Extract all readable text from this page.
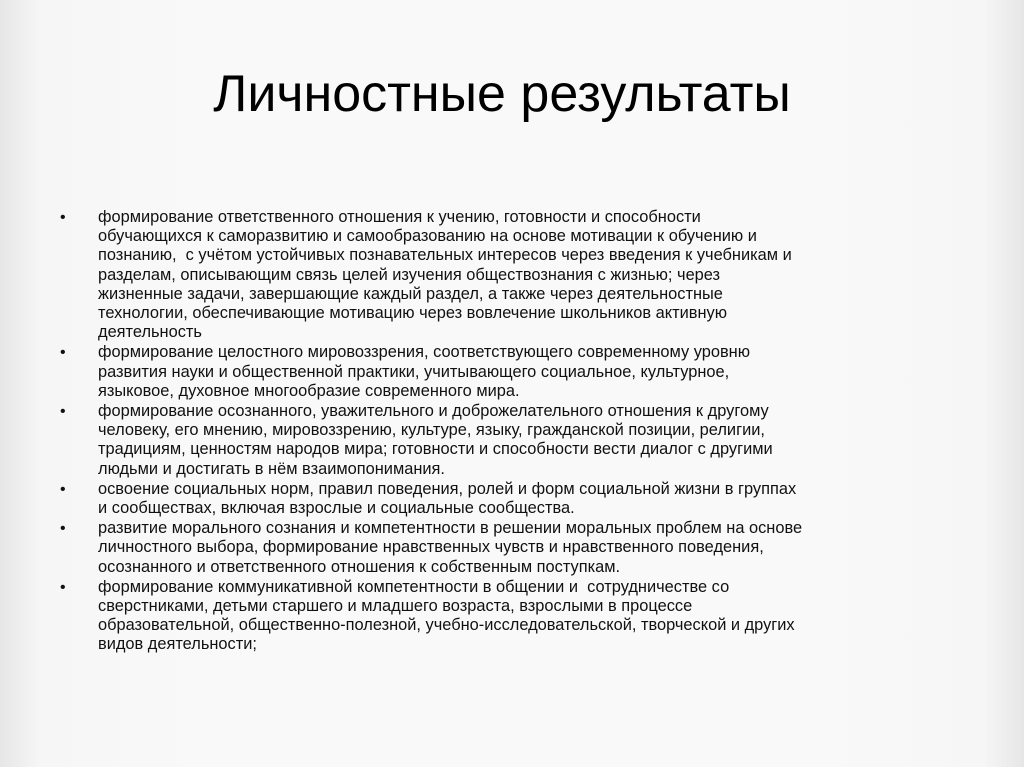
Личностные результаты
•	формирование ответственного отношения к учению, готовности и способности
обучающихся к саморазвитию и самообразованию на основе мотивации к обучению и
познанию,  с учётом устойчивых познавательных интересов через введения к учебникам и
разделам, описывающим связь целей изучения обществознания с жизнью; через
жизненные задачи, завершающие каждый раздел, а также через деятельностные
технологии, обеспечивающие мотивацию через вовлечение школьников активную
деятельность
•	формирование целостного мировоззрения, соответствующего современному уровню
развития науки и общественной практики, учитывающего социальное, культурное,
языковое, духовное многообразие современного мира.
•	формирование осознанного, уважительного и доброжелательного отношения к другому
человеку, его мнению, мировоззрению, культуре, языку, гражданской позиции, религии,
традициям, ценностям народов мира; готовности и способности вести диалог с другими
людьми и достигать в нём взаимопонимания.
•	освоение социальных норм, правил поведения, ролей и форм социальной жизни в группах
и сообществах, включая взрослые и социальные сообщества.
•	развитие морального сознания и компетентности в решении моральных проблем на основе
личностного выбора, формирование нравственных чувств и нравственного поведения,
осознанного и ответственного отношения к собственным поступкам.
•	формирование коммуникативной компетентности в общении и  сотрудничестве со
сверстниками, детьми старшего и младшего возраста, взрослыми в процессе
образовательной, общественно-полезной, учебно-исследовательской, творческой и других
видов деятельности;
